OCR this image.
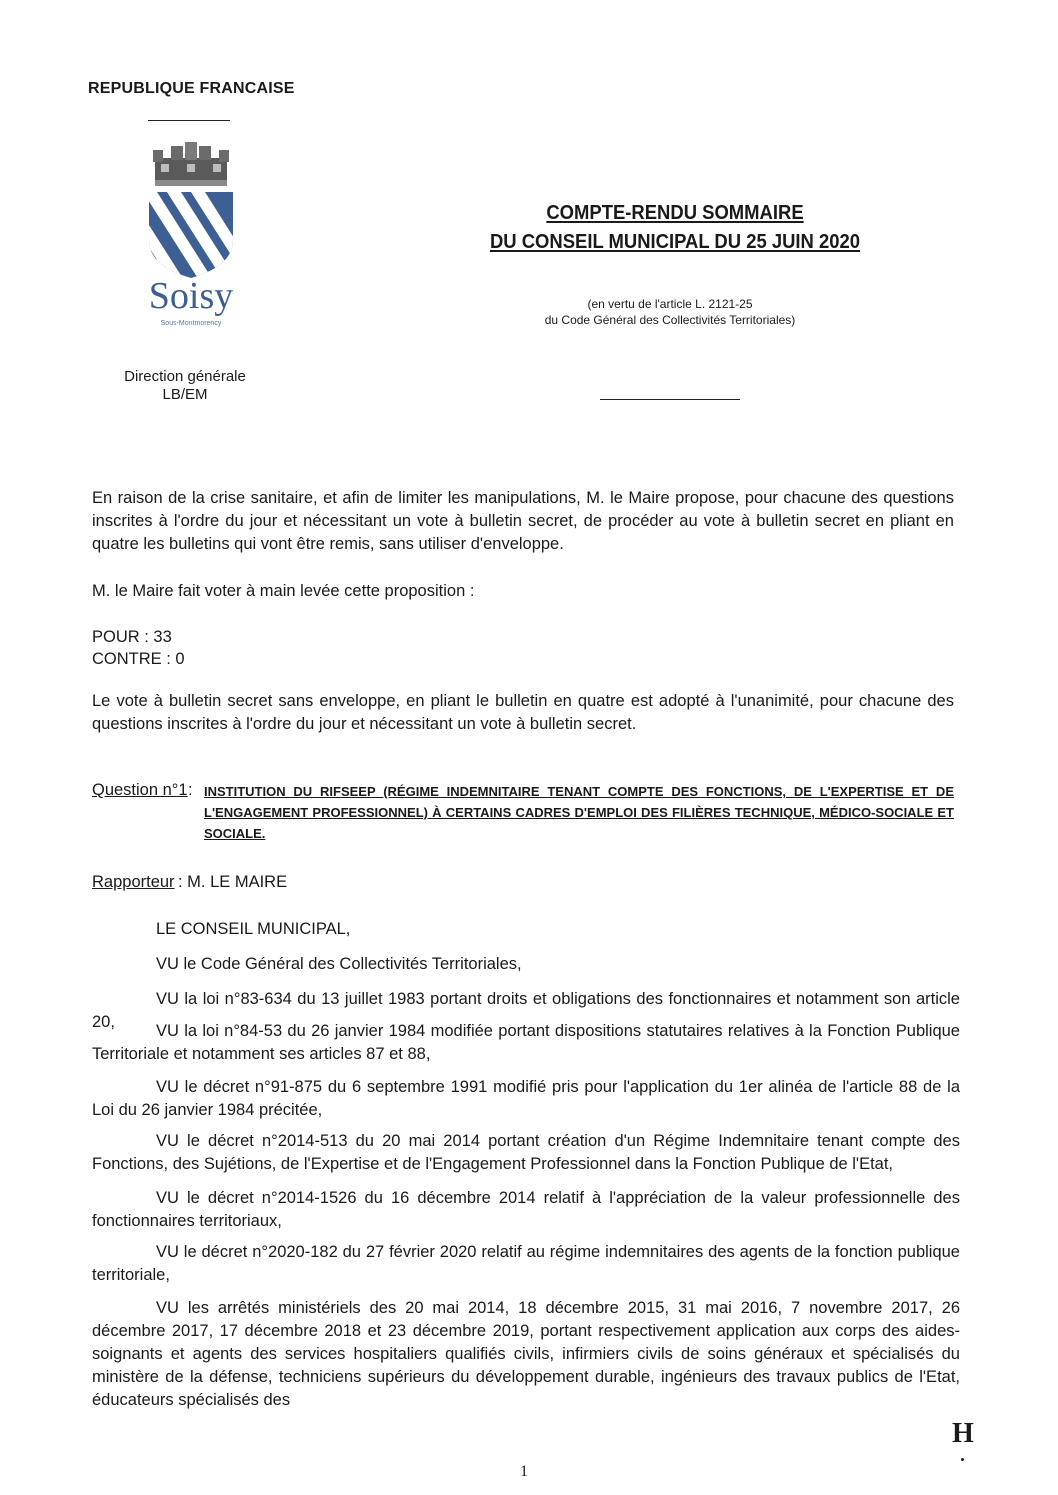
REPUBLIQUE FRANCAISE
Soisy
Sous-Montmorency
Direction générale
LB/EM
COMPTE-RENDU SOMMAIRE
DU CONSEIL MUNICIPAL DU 25 JUIN 2020
(en vertu de l'article L. 2121-25
du Code Général des Collectivités Territoriales)

En raison de la crise sanitaire, et afin de limiter les manipulations, M. le Maire propose, pour chacune des questions inscrites à l'ordre du jour et nécessitant un vote à bulletin secret, de procéder au vote à bulletin secret en pliant en quatre les bulletins qui vont être remis, sans utiliser d'enveloppe.

M. le Maire fait voter à main levée cette proposition :

POUR : 33

CONTRE : 0

Le vote à bulletin secret sans enveloppe, en pliant le bulletin en quatre est adopté à l'unanimité, pour chacune des questions inscrites à l'ordre du jour et nécessitant un vote à bulletin secret.

Question n°1 : INSTITUTION DU RIFSEEP (RÉGIME INDEMNITAIRE TENANT COMPTE DES FONCTIONS, DE L'EXPERTISE ET DE L'ENGAGEMENT PROFESSIONNEL) À CERTAINS CADRES D'EMPLOI DES FILIÈRES TECHNIQUE, MÉDICO-SOCIALE ET SOCIALE.
Rapporteur : M. LE MAIRE

LE CONSEIL MUNICIPAL,

VU le Code Général des Collectivités Territoriales,

VU la loi n°83-634 du 13 juillet 1983 portant droits et obligations des fonctionnaires et notamment son article 20,	VU la loi n°84-53 du 26 janvier 1984 modifiée portant dispositions statutaires relatives à la Fonction Publique Territoriale et notamment ses articles 87 et 88,

VU le décret n°91-875 du 6 septembre 1991 modifié pris pour l'application du 1er alinéa de l'article 88 de la Loi du 26 janvier 1984 précitée,

VU le décret n°2014-513 du 20 mai 2014 portant création d'un Régime Indemnitaire tenant compte des Fonctions, des Sujétions, de l'Expertise et de l'Engagement Professionnel dans la Fonction Publique de l'Etat,

VU le décret n°2014-1526 du 16 décembre 2014 relatif à l'appréciation de la valeur professionnelle des fonctionnaires territoriaux,

VU le décret n°2020-182 du 27 février 2020 relatif au régime indemnitaires des agents de la fonction publique territoriale,

VU les arrêtés ministériels des 20 mai 2014, 18 décembre 2015, 31 mai 2016, 7 novembre 2017, 26 décembre 2017, 17 décembre 2018 et 23 décembre 2019, portant respectivement application aux corps des aides-soignants et agents des services hospitaliers qualifiés civils, infirmiers civils de soins généraux et spécialisés du ministère de la défense, techniciens supérieurs du développement durable, ingénieurs des travaux publics de l'Etat, éducateurs spécialisés des

1
H
